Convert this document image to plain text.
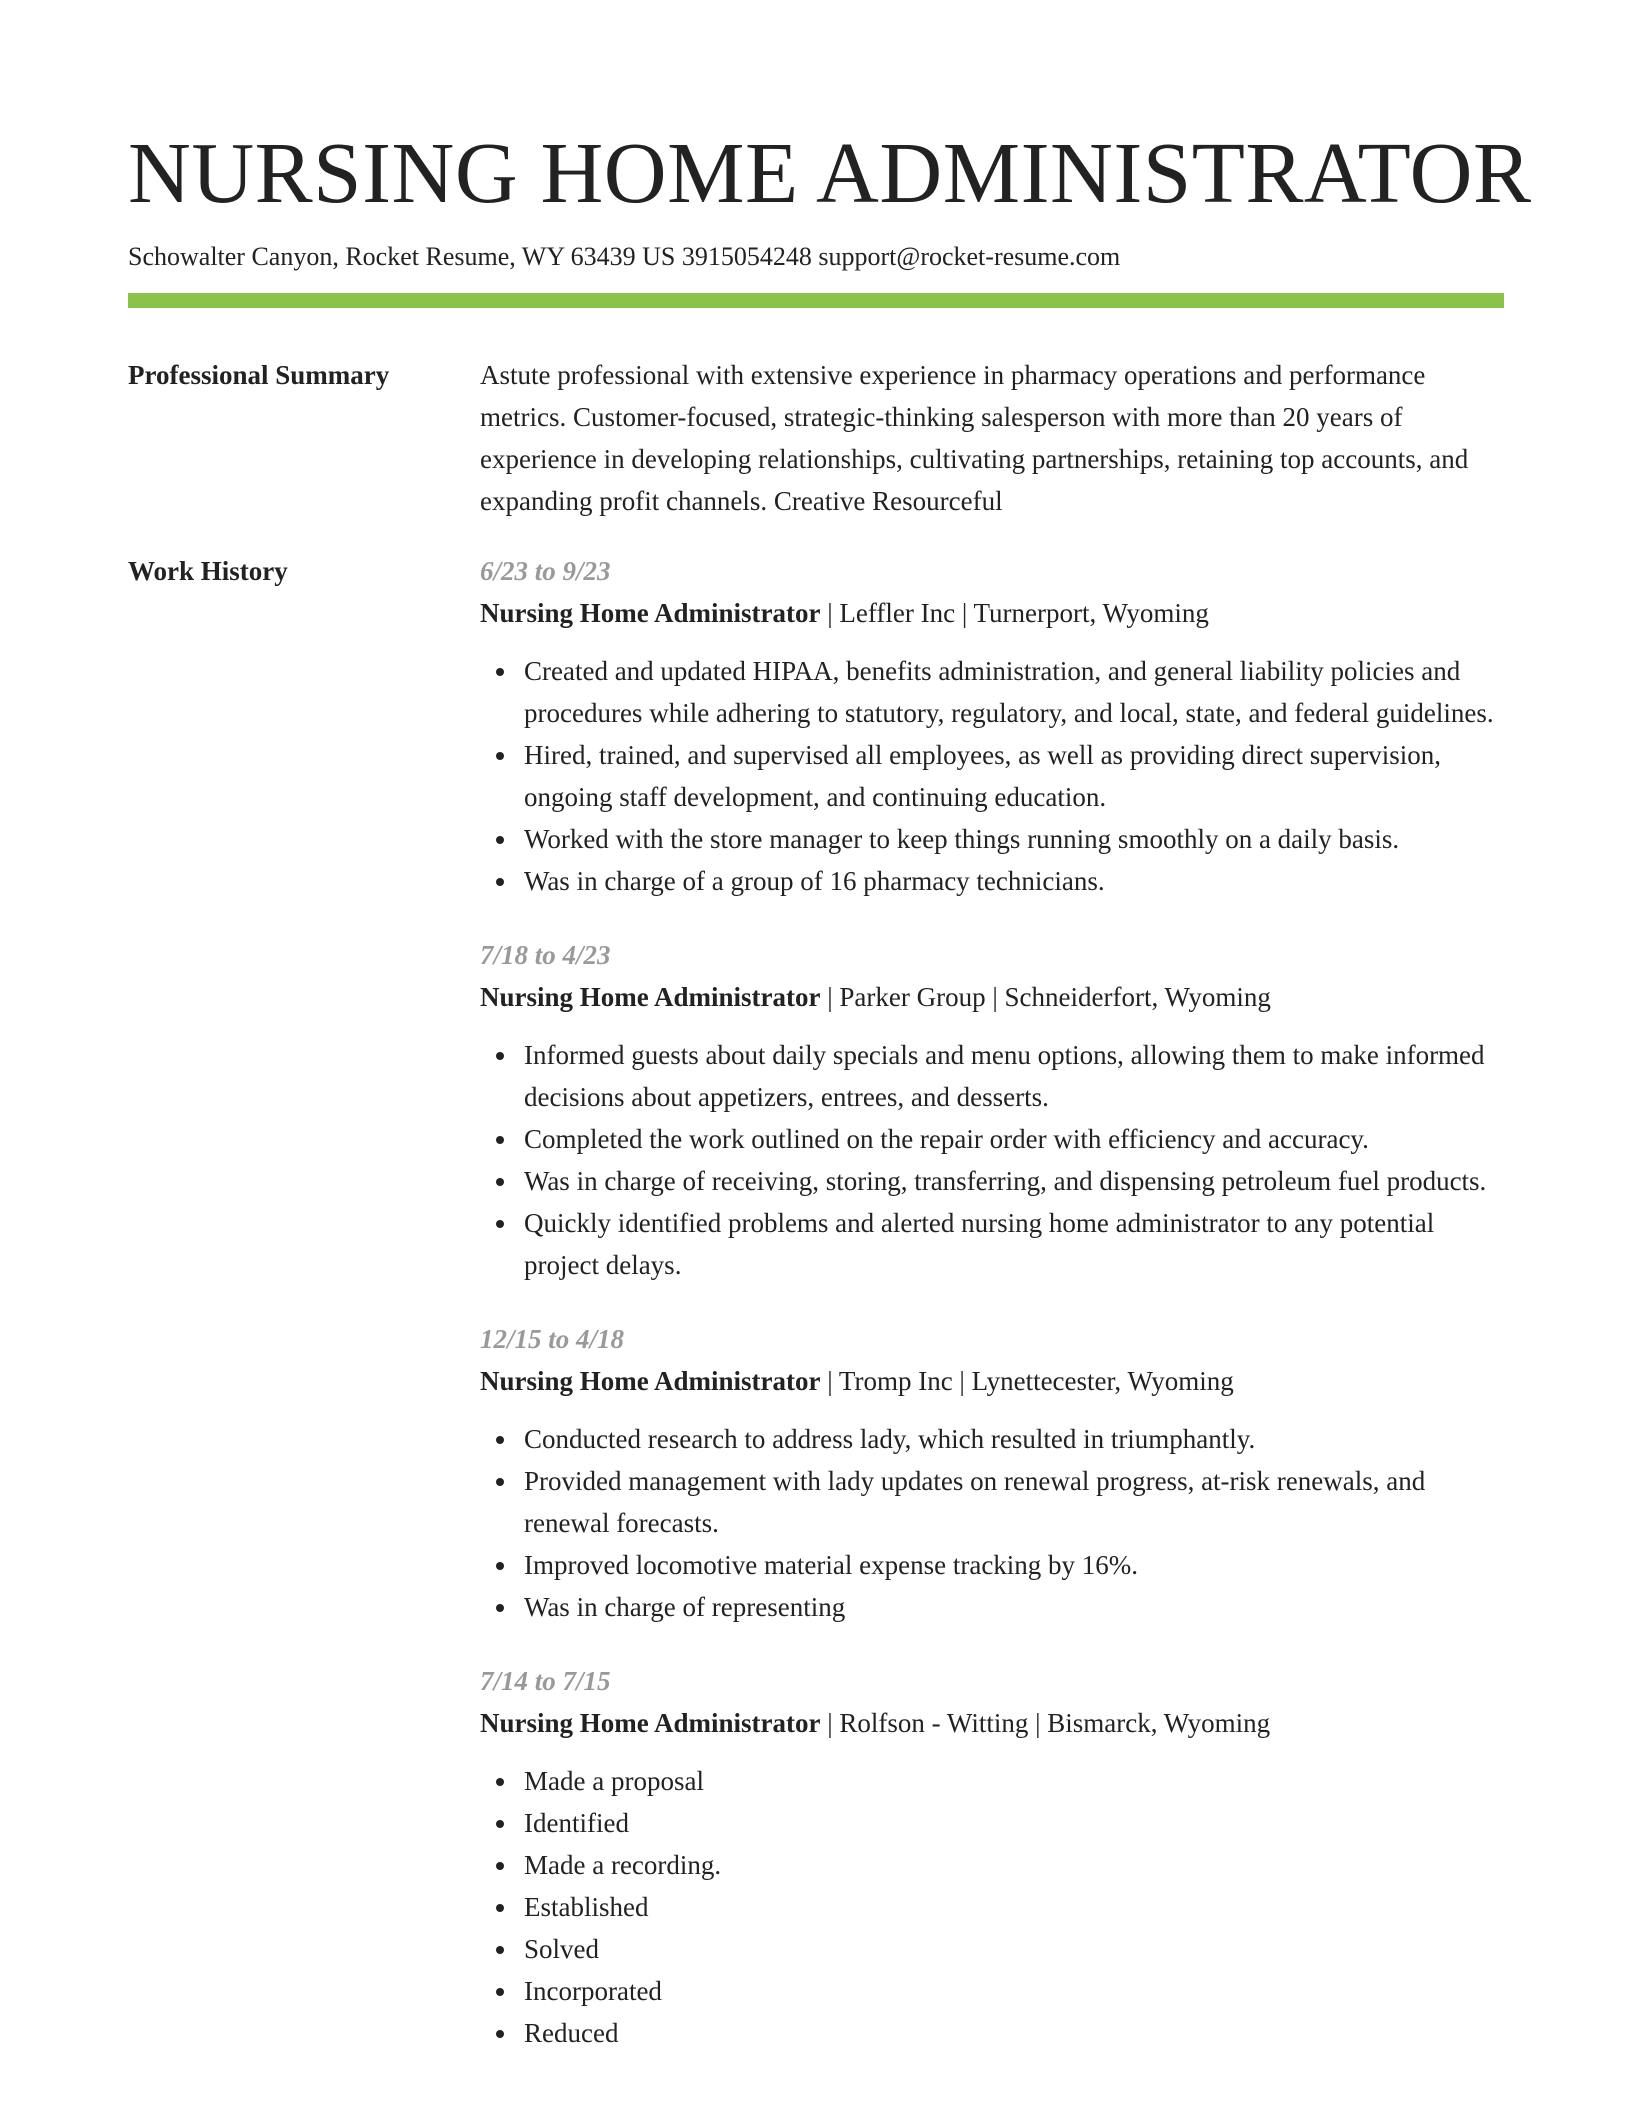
NURSING HOME ADMINISTRATOR
Schowalter Canyon, Rocket Resume, WY 63439 US 3915054248 support@rocket-resume.com
Professional Summary	Astute professional with extensive experience in pharmacy operations and performance metrics. Customer-focused, strategic-thinking salesperson with more than 20 years of experience in developing relationships, cultivating partnerships, retaining top accounts, and expanding profit channels. Creative Resourceful
Work History	6/23 to 9/23
Nursing Home Administrator | Leffler Inc | Turnerport, Wyoming
Created and updated HIPAA, benefits administration, and general liability policies and procedures while adhering to statutory, regulatory, and local, state, and federal guidelines.
Hired, trained, and supervised all employees, as well as providing direct supervision, ongoing staff development, and continuing education.
Worked with the store manager to keep things running smoothly on a daily basis.
Was in charge of a group of 16 pharmacy technicians.
7/18 to 4/23
Nursing Home Administrator | Parker Group | Schneiderfort, Wyoming
Informed guests about daily specials and menu options, allowing them to make informed decisions about appetizers, entrees, and desserts.
Completed the work outlined on the repair order with efficiency and accuracy.
Was in charge of receiving, storing, transferring, and dispensing petroleum fuel products.
Quickly identified problems and alerted nursing home administrator to any potential project delays.
12/15 to 4/18
Nursing Home Administrator | Tromp Inc | Lynettecester, Wyoming
Conducted research to address lady, which resulted in triumphantly.
Provided management with lady updates on renewal progress, at-risk renewals, and renewal forecasts.
Improved locomotive material expense tracking by 16%.
Was in charge of representing
7/14 to 7/15
Nursing Home Administrator | Rolfson - Witting | Bismarck, Wyoming
Made a proposal
Identified
Made a recording.
Established
Solved
Incorporated
Reduced
